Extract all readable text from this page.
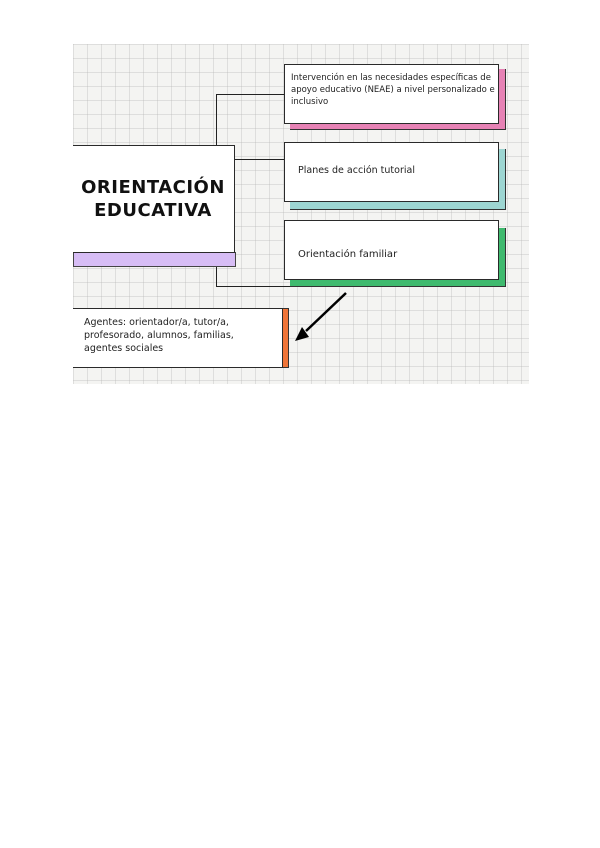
ORIENTACIÓN
EDUCATIVA
Intervención en las necesidades específicas de apoyo educativo (NEAE) a nivel personalizado e inclusivo
Planes de acción tutorial
Orientación familiar
Agentes: orientador/a, tutor/a, profesorado, alumnos, familias, agentes sociales
